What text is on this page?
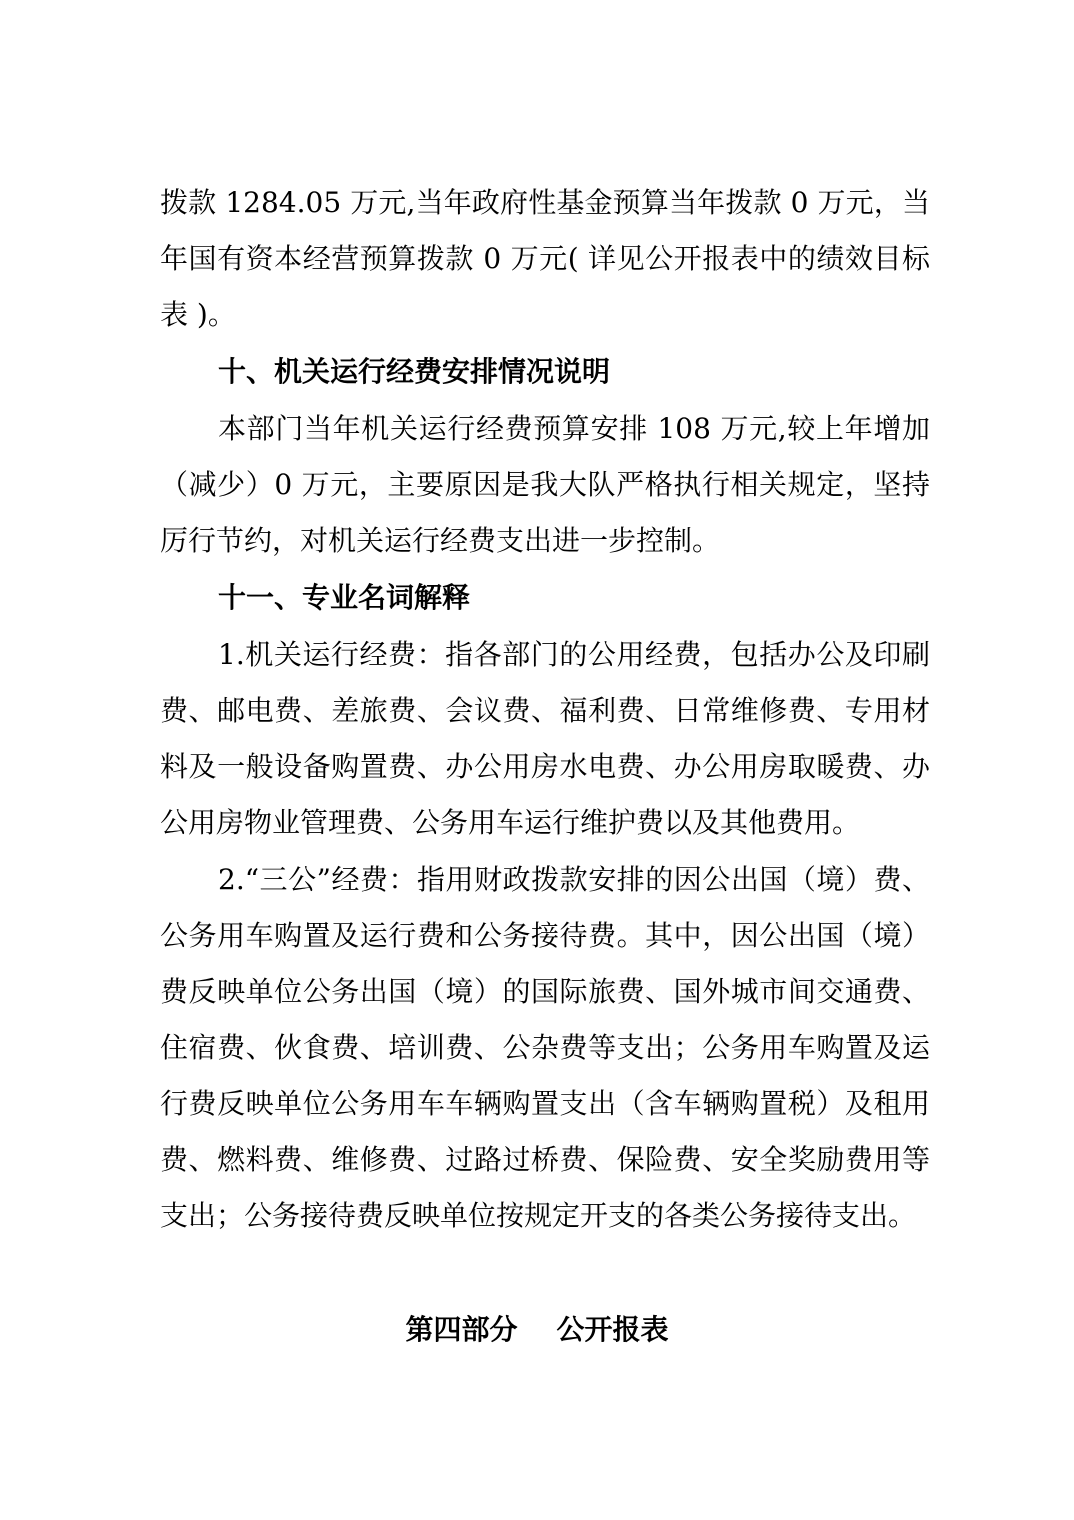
拨款 1284.05 万元,当年政府性基金预算当年拨款 0 万元，当
年国有资本经营预算拨款 0 万元( 详见公开报表中的绩效目标
表 )。
十、机关运行经费安排情况说明
本部门当年机关运行经费预算安排 108 万元,较上年增加
（减少）0 万元，主要原因是我大队严格执行相关规定，坚持
厉行节约，对机关运行经费支出进一步控制。
十一、专业名词解释
1.机关运行经费：指各部门的公用经费，包括办公及印刷
费、邮电费、差旅费、会议费、福利费、日常维修费、专用材
料及一般设备购置费、办公用房水电费、办公用房取暖费、办
公用房物业管理费、公务用车运行维护费以及其他费用。
2.“三公”经费：指用财政拨款安排的因公出国（境）费、
公务用车购置及运行费和公务接待费。其中，因公出国（境）
费反映单位公务出国（境）的国际旅费、国外城市间交通费、
住宿费、伙食费、培训费、公杂费等支出；公务用车购置及运
行费反映单位公务用车车辆购置支出（含车辆购置税）及租用
费、燃料费、维修费、过路过桥费、保险费、安全奖励费用等
支出；公务接待费反映单位按规定开支的各类公务接待支出。
第四部分    公开报表
